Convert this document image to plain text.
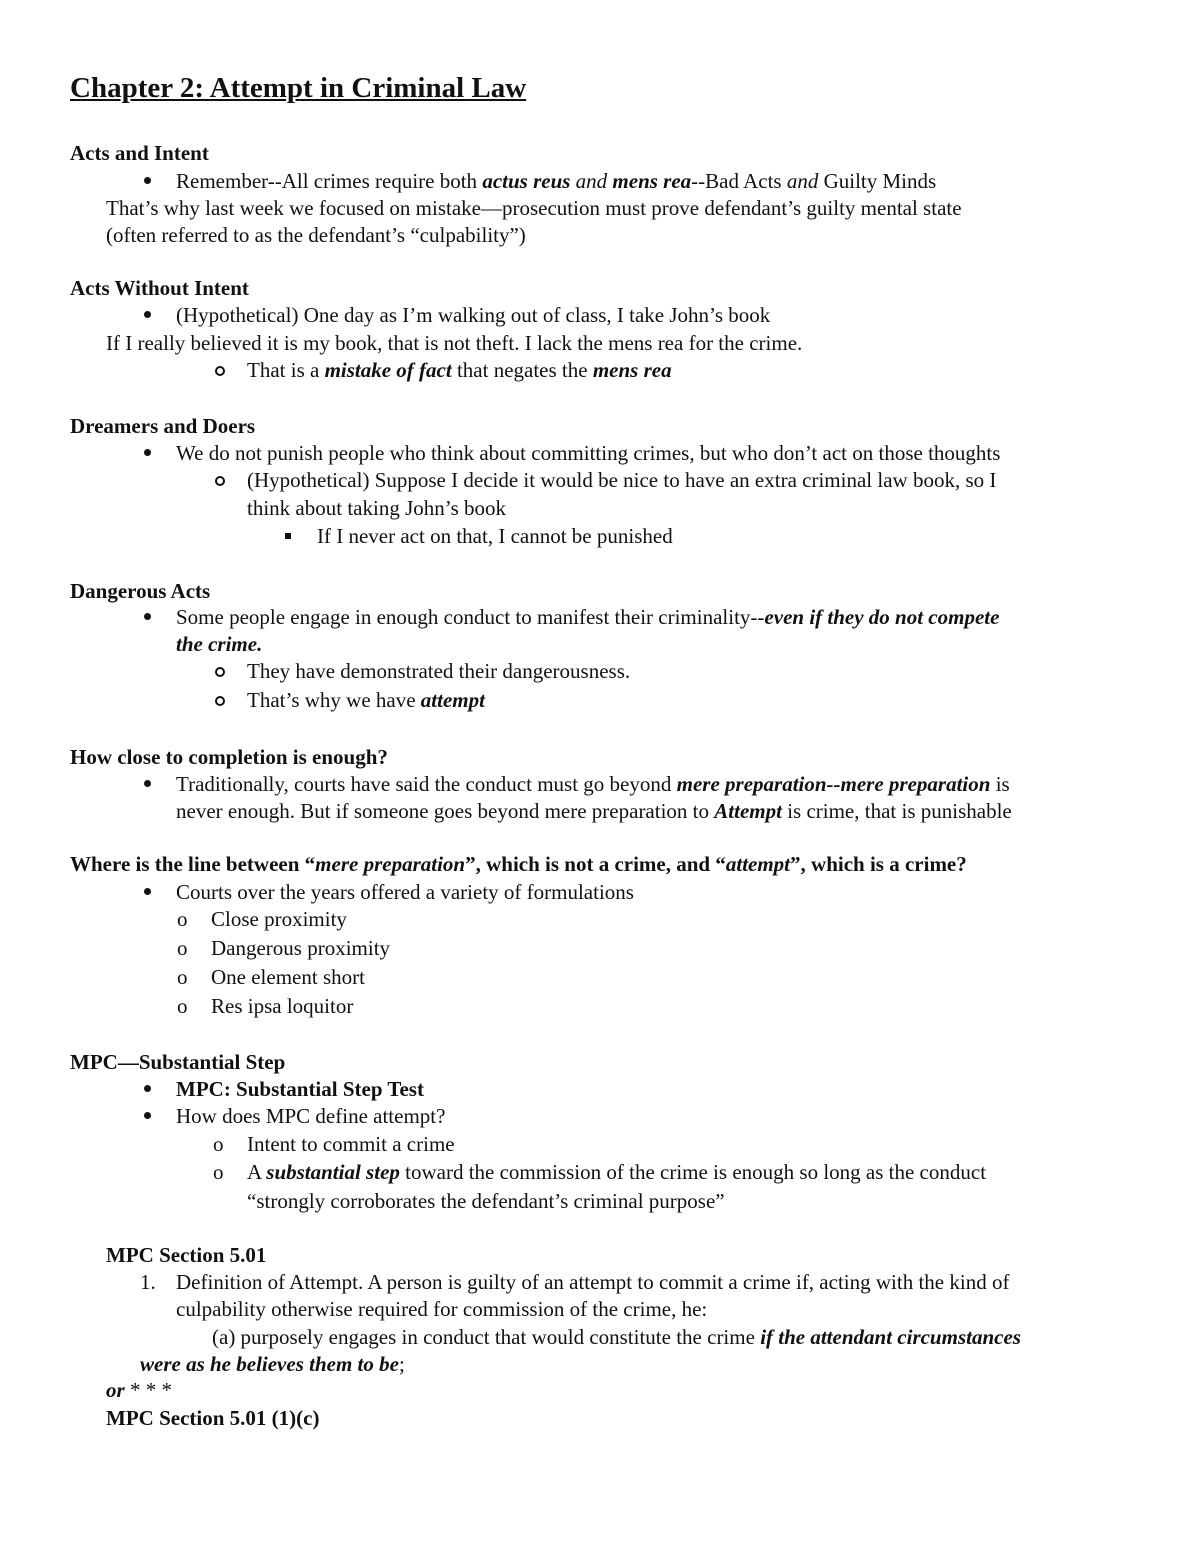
Chapter 2: Attempt in Criminal Law
Acts and Intent
Remember--All crimes require both actus reus and mens rea--Bad Acts and Guilty Minds
That’s why last week we focused on mistake—prosecution must prove defendant’s guilty mental state
(often referred to as the defendant’s “culpability”)
Acts Without Intent
(Hypothetical) One day as I’m walking out of class, I take John’s book
If I really believed it is my book, that is not theft. I lack the mens rea for the crime.
That is a mistake of fact that negates the mens rea
Dreamers and Doers
We do not punish people who think about committing crimes, but who don’t act on those thoughts
(Hypothetical) Suppose I decide it would be nice to have an extra criminal law book, so I
think about taking John’s book
If I never act on that, I cannot be punished
Dangerous Acts
Some people engage in enough conduct to manifest their criminality--even if they do not compete
the crime.
They have demonstrated their dangerousness.
That’s why we have attempt
How close to completion is enough?
Traditionally, courts have said the conduct must go beyond mere preparation--mere preparation is
never enough. But if someone goes beyond mere preparation to Attempt is crime, that is punishable
Where is the line between “mere preparation”, which is not a crime, and “attempt”, which is a crime?
Courts over the years offered a variety of formulations
o Close proximity
o Dangerous proximity
o One element short
o Res ipsa loquitor
MPC—Substantial Step
MPC: Substantial Step Test
How does MPC define attempt?
o Intent to commit a crime
o A substantial step toward the commission of the crime is enough so long as the conduct
“strongly corroborates the defendant’s criminal purpose”
MPC Section 5.01
1. Definition of Attempt. A person is guilty of an attempt to commit a crime if, acting with the kind of
culpability otherwise required for commission of the crime, he:
(a) purposely engages in conduct that would constitute the crime if the attendant circumstances
were as he believes them to be;
or * * *
MPC Section 5.01 (1)(c)
